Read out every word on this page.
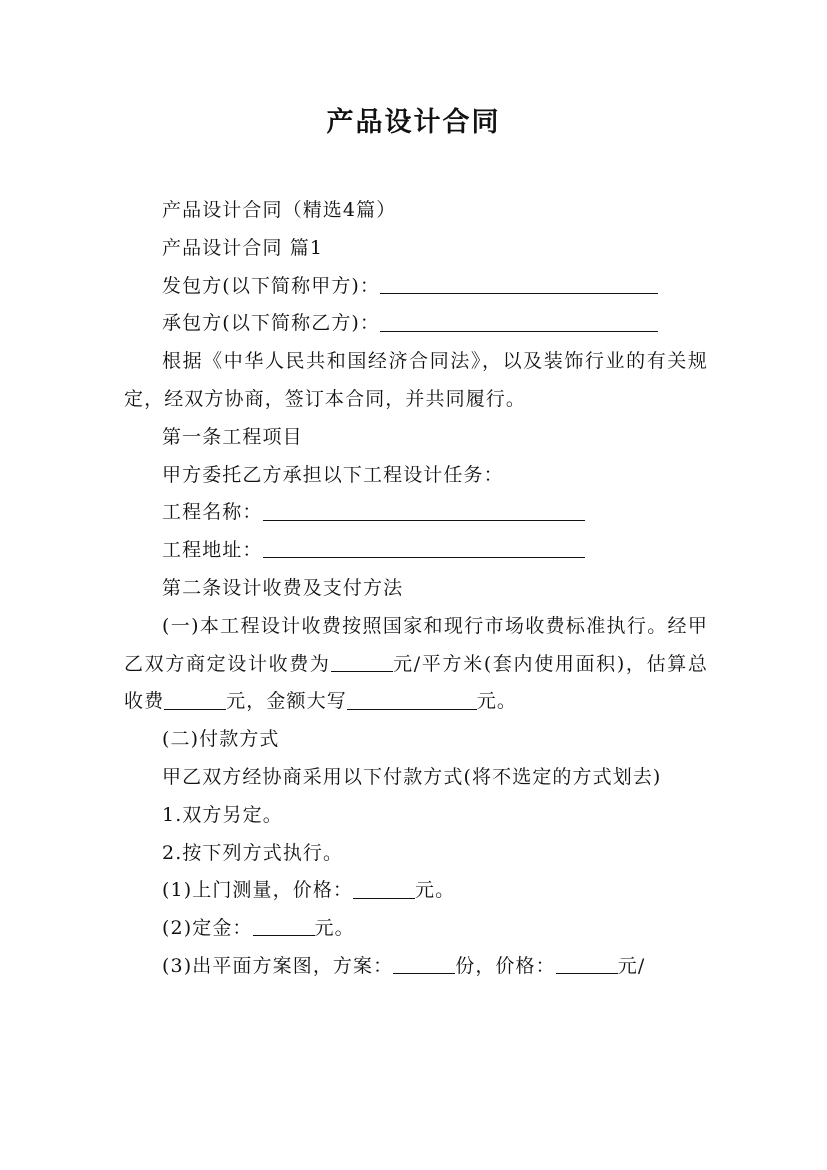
产品设计合同

产品设计合同（精选4篇）

产品设计合同 篇1

发包方(以下简称甲方)：

承包方(以下简称乙方)：

根据《中华人民共和国经济合同法》，以及装饰行业的有关规定，经双方协商，签订本合同，并共同履行。

第一条工程项目

甲方委托乙方承担以下工程设计任务：

工程名称：

工程地址：

第二条设计收费及支付方法

(一)本工程设计收费按照国家和现行市场收费标准执行。经甲乙双方商定设计收费为	元/平方米(套内使用面积)，估算总收费	元，金额大写	元。

(二)付款方式

甲乙双方经协商采用以下付款方式(将不选定的方式划去)

1.双方另定。

2.按下列方式执行。

(1)上门测量，价格：	元。

(2)定金：	元。

(3)出平面方案图，方案：	份，价格：	元/
